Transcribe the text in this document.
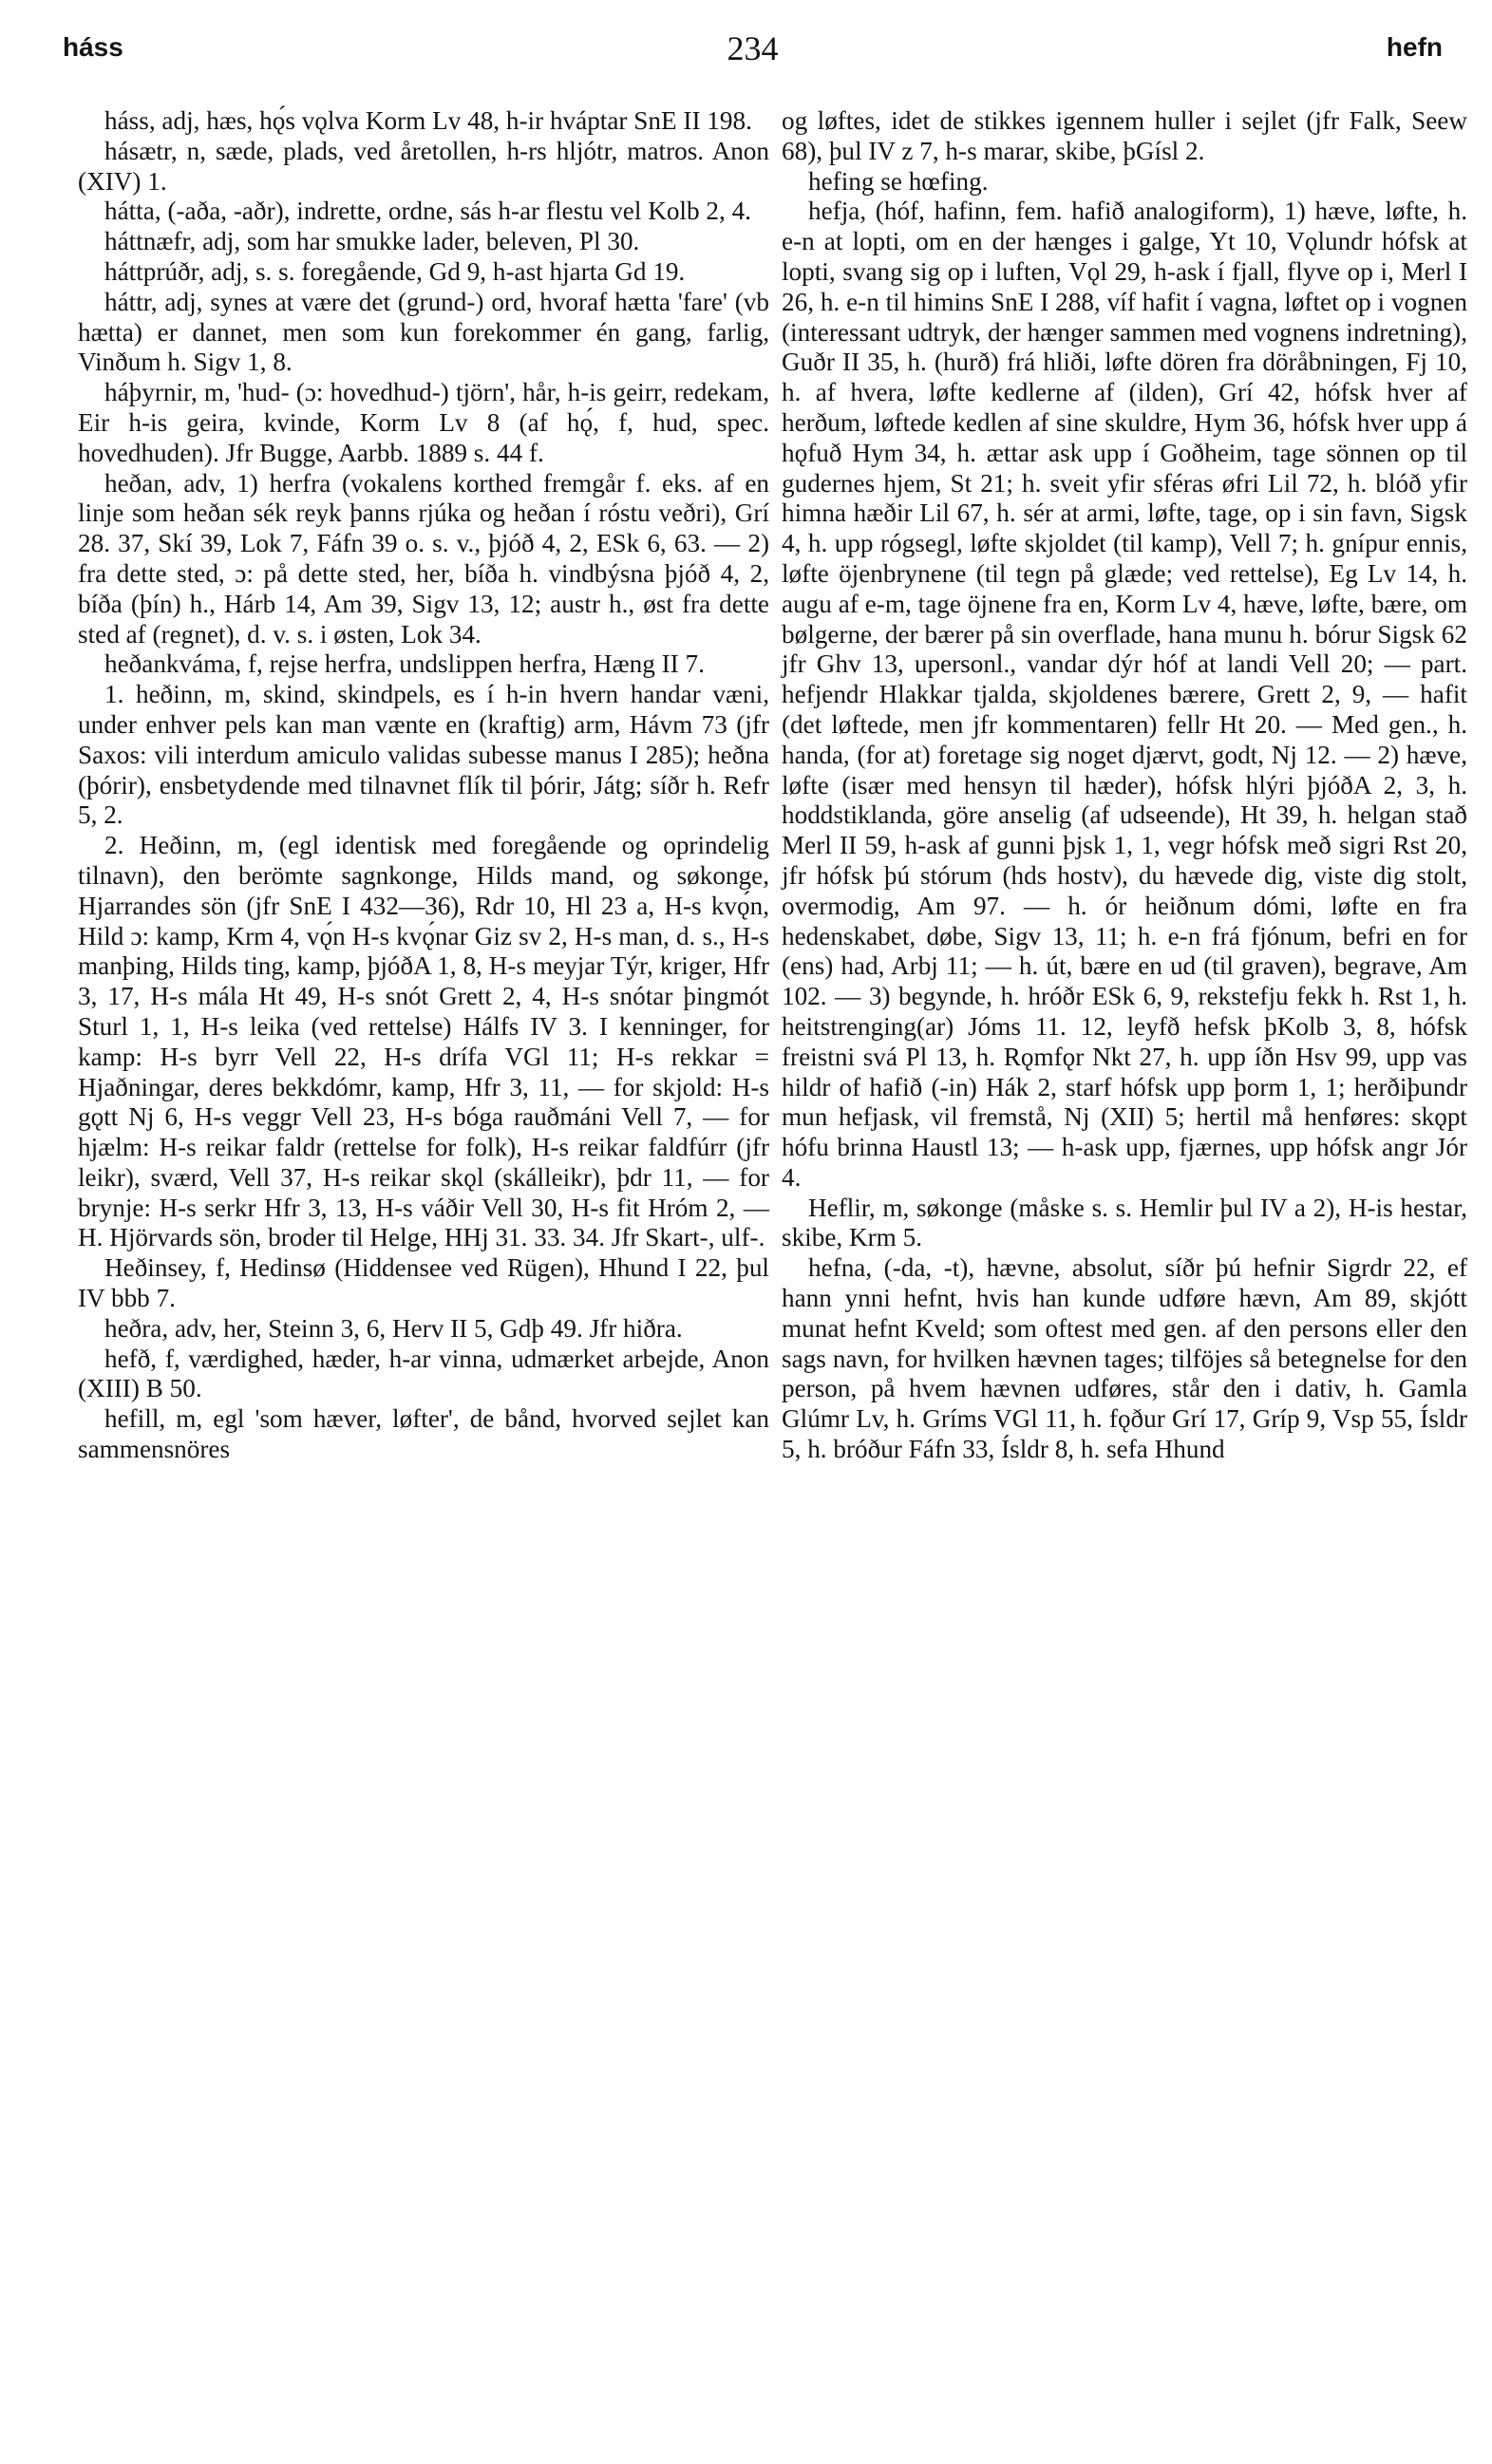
háss	234	hefn

háss, adj, hæs, hǫ́s vǫlva Korm Lv 48, h-ir hváptar SnE II 198.

hásætr, n, sæde, plads, ved åretollen, h-rs hljótr, matros. Anon (XIV) 1.

hátta, (-aða, -aðr), indrette, ordne, sás h-ar flestu vel Kolb 2, 4.

háttnæfr, adj, som har smukke lader, beleven, Pl 30.

háttprúðr, adj, s. s. foregående, Gd 9, h-ast hjarta Gd 19.

háttr, adj, synes at være det (grund-) ord, hvoraf hætta 'fare' (vb hætta) er dannet, men som kun forekommer én gang, farlig, Vinðum h. Sigv 1, 8.

háþyrnir, m, 'hud- (ɔ: hovedhud-) tjörn', hår, h-is geirr, redekam, Eir h-is geira, kvinde, Korm Lv 8 (af hǫ́, f, hud, spec. hovedhuden). Jfr Bugge, Aarbb. 1889 s. 44 f.

heðan, adv, 1) herfra (vokalens korthed fremgår f. eks. af en linje som heðan sék reyk þanns rjúka og heðan í róstu veðri), Grí 28. 37, Skí 39, Lok 7, Fáfn 39 o. s. v., þjóð 4, 2, ESk 6, 63. — 2) fra dette sted, ɔ: på dette sted, her, bíða h. vindbýsna þjóð 4, 2, bíða (þín) h., Hárb 14, Am 39, Sigv 13, 12; austr h., øst fra dette sted af (regnet), d. v. s. i østen, Lok 34.

heðankváma, f, rejse herfra, undslippen herfra, Hæng II 7.

1. heðinn, m, skind, skindpels, es í h-in hvern handar væni, under enhver pels kan man vænte en (kraftig) arm, Hávm 73 (jfr Saxos: vili interdum amiculo validas subesse manus I 285); heðna (þórir), ensbetydende med tilnavnet flík til þórir, Játg; síðr h. Refr 5, 2.

2. Heðinn, m, (egl identisk med foregående og oprindelig tilnavn), den berömte sagnkonge, Hilds mand, og søkonge, Hjarrandes sön (jfr SnE I 432—36), Rdr 10, Hl 23 a, H-s kvǫ́n, Hild ɔ: kamp, Krm 4, vǫ́n H-s kvǫ́nar Giz sv 2, H-s man, d. s., H-s manþing, Hilds ting, kamp, þjóðA 1, 8, H-s meyjar Týr, kriger, Hfr 3, 17, H-s mála Ht 49, H-s snót Grett 2, 4, H-s snótar þingmót Sturl 1, 1, H-s leika (ved rettelse) Hálfs IV 3. I kenninger, for kamp: H-s byrr Vell 22, H-s drífa VGl 11; H-s rekkar = Hjaðningar, deres bekkdómr, kamp, Hfr 3, 11, — for skjold: H-s gǫtt Nj 6, H-s veggr Vell 23, H-s bóga rauðmáni Vell 7, — for hjælm: H-s reikar faldr (rettelse for folk), H-s reikar faldfúrr (jfr leikr), sværd, Vell 37, H-s reikar skǫl (skálleikr), þdr 11, — for brynje: H-s serkr Hfr 3, 13, H-s váðir Vell 30, H-s fit Hróm 2, — H. Hjörvards sön, broder til Helge, HHj 31. 33. 34. Jfr Skart-, ulf-.

Heðinsey, f, Hedinsø (Hiddensee ved Rügen), Hhund I 22, þul IV bbb 7.

heðra, adv, her, Steinn 3, 6, Herv II 5, Gdþ 49. Jfr hiðra.

hefð, f, værdighed, hæder, h-ar vinna, udmærket arbejde, Anon (XIII) B 50.

hefill, m, egl 'som hæver, løfter', de bånd, hvorved sejlet kan sammensnöres

og løftes, idet de stikkes igennem huller i sejlet (jfr Falk, Seew 68), þul IV z 7, h-s marar, skibe, þGísl 2.

hefing se hœfing.

hefja, (hóf, hafinn, fem. hafið analogiform), 1) hæve, løfte, h. e-n at lopti, om en der hænges i galge, Yt 10, Vǫlundr hófsk at lopti, svang sig op i luften, Vǫl 29, h-ask í fjall, flyve op i, Merl I 26, h. e-n til himins SnE I 288, víf hafit í vagna, løftet op i vognen (interessant udtryk, der hænger sammen med vognens indretning), Guðr II 35, h. (hurð) frá hliði, løfte dören fra döråbningen, Fj 10, h. af hvera, løfte kedlerne af (ilden), Grí 42, hófsk hver af herðum, løftede kedlen af sine skuldre, Hym 36, hófsk hver upp á hǫfuð Hym 34, h. ættar ask upp í Goðheim, tage sönnen op til gudernes hjem, St 21; h. sveit yfir sféras øfri Lil 72, h. blóð yfir himna hæðir Lil 67, h. sér at armi, løfte, tage, op i sin favn, Sigsk 4, h. upp rógsegl, løfte skjoldet (til kamp), Vell 7; h. gnípur ennis, løfte öjenbrynene (til tegn på glæde; ved rettelse), Eg Lv 14, h. augu af e-m, tage öjnene fra en, Korm Lv 4, hæve, løfte, bære, om bølgerne, der bærer på sin overflade, hana munu h. bórur Sigsk 62 jfr Ghv 13, upersonl., vandar dýr hóf at landi Vell 20; — part. hefjendr Hlakkar tjalda, skjoldenes bærere, Grett 2, 9, — hafit (det løftede, men jfr kommentaren) fellr Ht 20. — Med gen., h. handa, (for at) foretage sig noget djærvt, godt, Nj 12. — 2) hæve, løfte (især med hensyn til hæder), hófsk hlýri þjóðA 2, 3, h. hoddstiklanda, göre anselig (af udseende), Ht 39, h. helgan stað Merl II 59, h-ask af gunni þjsk 1, 1, vegr hófsk með sigri Rst 20, jfr hófsk þú stórum (hds hostv), du hævede dig, viste dig stolt, overmodig, Am 97. — h. ór heiðnum dómi, løfte en fra hedenskabet, døbe, Sigv 13, 11; h. e-n frá fjónum, befri en for (ens) had, Arbj 11; — h. út, bære en ud (til graven), begrave, Am 102. — 3) begynde, h. hróðr ESk 6, 9, rekstefju fekk h. Rst 1, h. heitstrenging(ar) Jóms 11. 12, leyfð hefsk þKolb 3, 8, hófsk freistni svá Pl 13, h. Rǫmfǫr Nkt 27, h. upp íðn Hsv 99, upp vas hildr of hafið (-in) Hák 2, starf hófsk upp þorm 1, 1; herðiþundr mun hefjask, vil fremstå, Nj (XII) 5; hertil må henføres: skǫpt hófu brinna Haustl 13; — h-ask upp, fjærnes, upp hófsk angr Jór 4.

Heflir, m, søkonge (måske s. s. Hemlir þul IV a 2), H-is hestar, skibe, Krm 5.

hefna, (-da, -t), hævne, absolut, síðr þú hefnir Sigrdr 22, ef hann ynni hefnt, hvis han kunde udføre hævn, Am 89, skjótt munat hefnt Kveld; som oftest med gen. af den persons eller den sags navn, for hvilken hævnen tages; tilföjes så betegnelse for den person, på hvem hævnen udføres, står den i dativ, h. Gamla Glúmr Lv, h. Gríms VGl 11, h. fǫður Grí 17, Gríp 9, Vsp 55, Ísldr 5, h. bróður Fáfn 33, Ísldr 8, h. sefa Hhund
